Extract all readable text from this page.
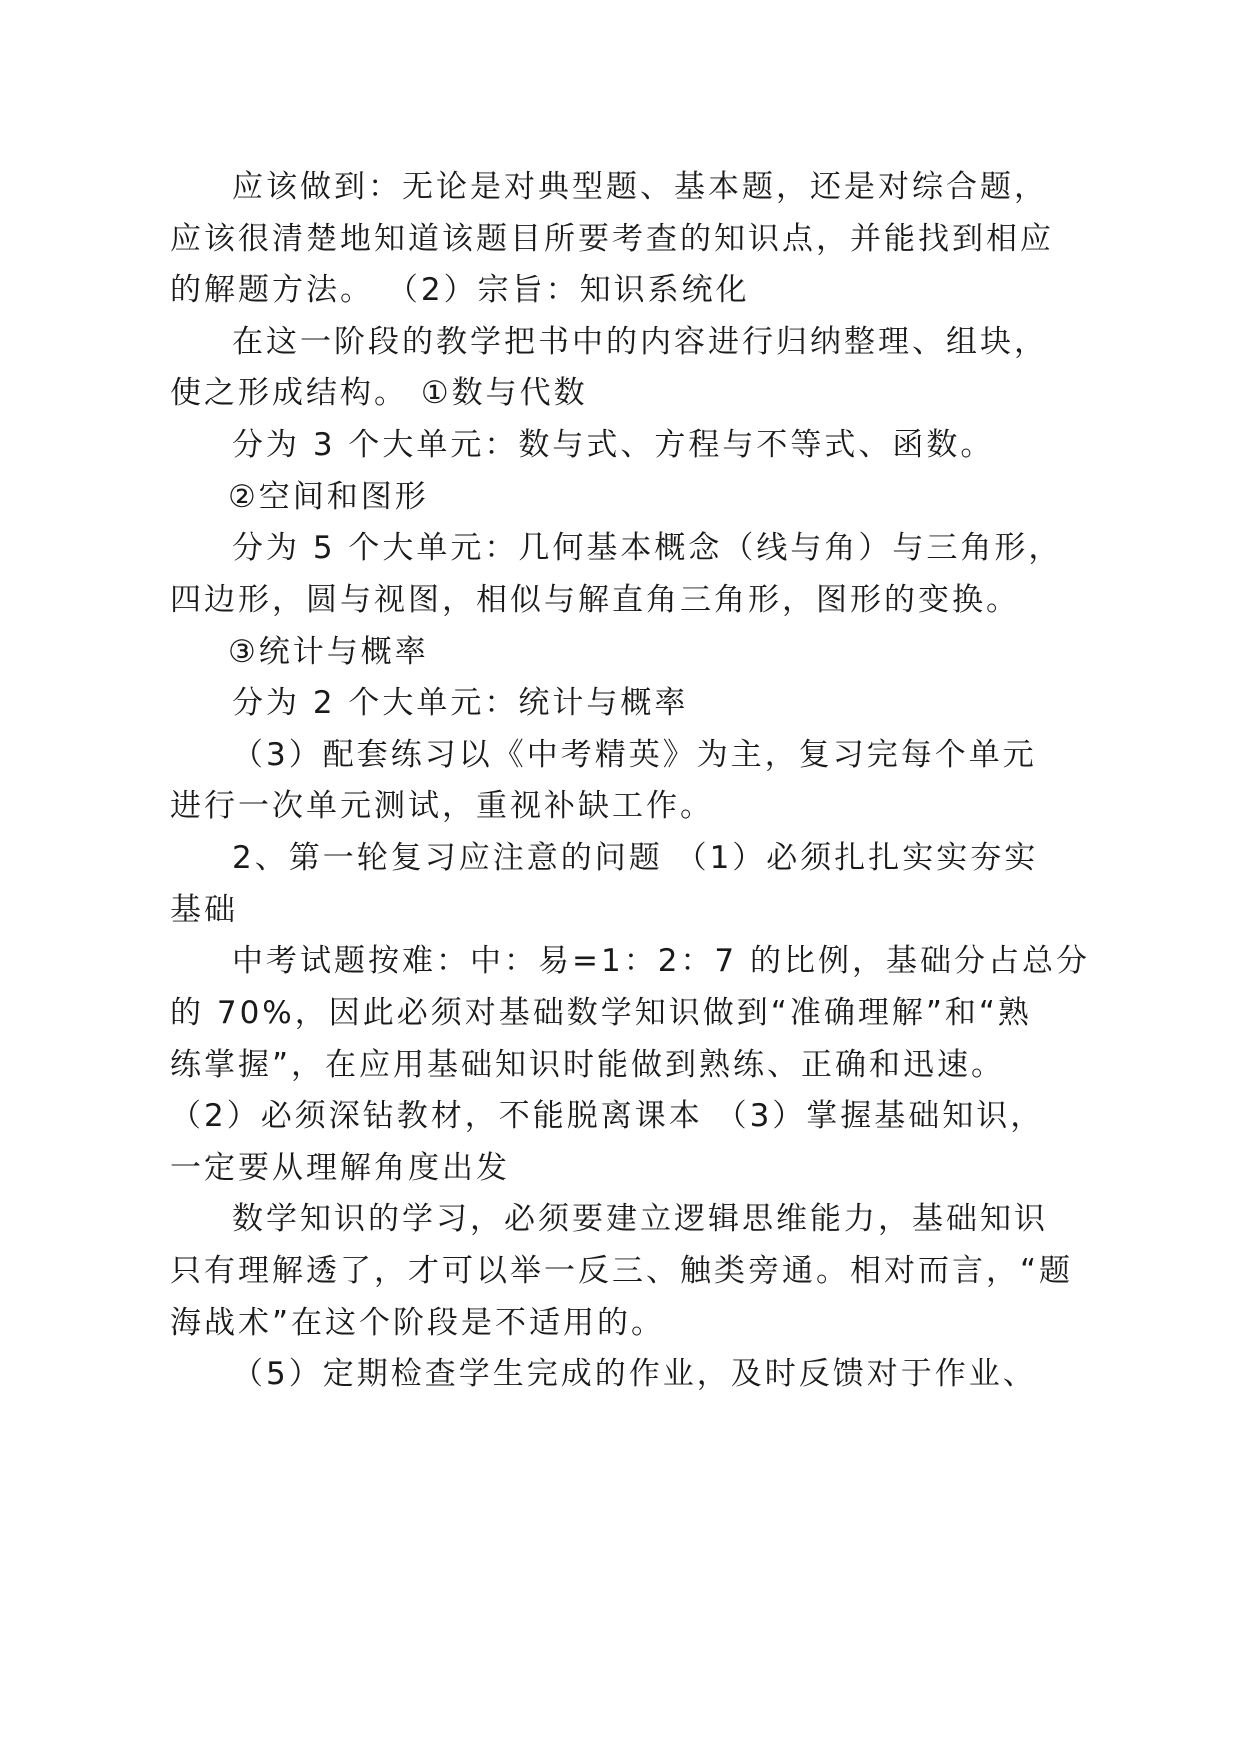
应该做到：无论是对典型题、基本题，还是对综合题，
应该很清楚地知道该题目所要考查的知识点，并能找到相应
的解题方法。 （2）宗旨：知识系统化
在这一阶段的教学把书中的内容进行归纳整理、组块，
使之形成结构。 ①数与代数
分为 3 个大单元：数与式、方程与不等式、函数。
②空间和图形
分为 5 个大单元：几何基本概念（线与角）与三角形，
四边形，圆与视图，相似与解直角三角形，图形的变换。
③统计与概率
分为 2 个大单元：统计与概率
（3）配套练习以《中考精英》为主，复习完每个单元
进行一次单元测试，重视补缺工作。
2、第一轮复习应注意的问题 （1）必须扎扎实实夯实
基础
中考试题按难：中：易=1：2：7 的比例，基础分占总分
的 70%，因此必须对基础数学知识做到“准确理解”和“熟
练掌握”，在应用基础知识时能做到熟练、正确和迅速。
（2）必须深钻教材，不能脱离课本 （3）掌握基础知识，
一定要从理解角度出发
数学知识的学习，必须要建立逻辑思维能力，基础知识
只有理解透了，才可以举一反三、触类旁通。相对而言，“题
海战术”在这个阶段是不适用的。
（5）定期检查学生完成的作业，及时反馈对于作业、
